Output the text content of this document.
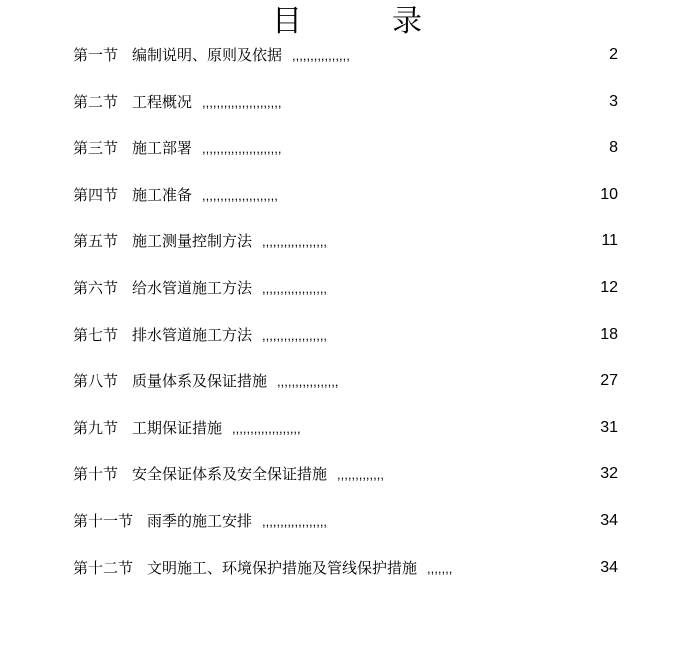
目	录
第一节 编制说明、原则及依据 ,,,,,,,,,,,,,,,,	2
第二节 工程概况 ,,,,,,,,,,,,,,,,,,,,,,	3
第三节 施工部署 ,,,,,,,,,,,,,,,,,,,,,,	8
第四节 施工准备 ,,,,,,,,,,,,,,,,,,,,,	10
第五节 施工测量控制方法 ,,,,,,,,,,,,,,,,,,	11
第六节 给水管道施工方法 ,,,,,,,,,,,,,,,,,,	12
第七节 排水管道施工方法 ,,,,,,,,,,,,,,,,,,	18
第八节 质量体系及保证措施 ,,,,,,,,,,,,,,,,,	27
第九节 工期保证措施 ,,,,,,,,,,,,,,,,,,,	31
第十节 安全保证体系及安全保证措施 ,,,,,,,,,,,,,	32
第十一节 雨季的施工安排 ,,,,,,,,,,,,,,,,,,	34
第十二节 文明施工、环境保护措施及管线保护措施 ,,,,,,,	34
